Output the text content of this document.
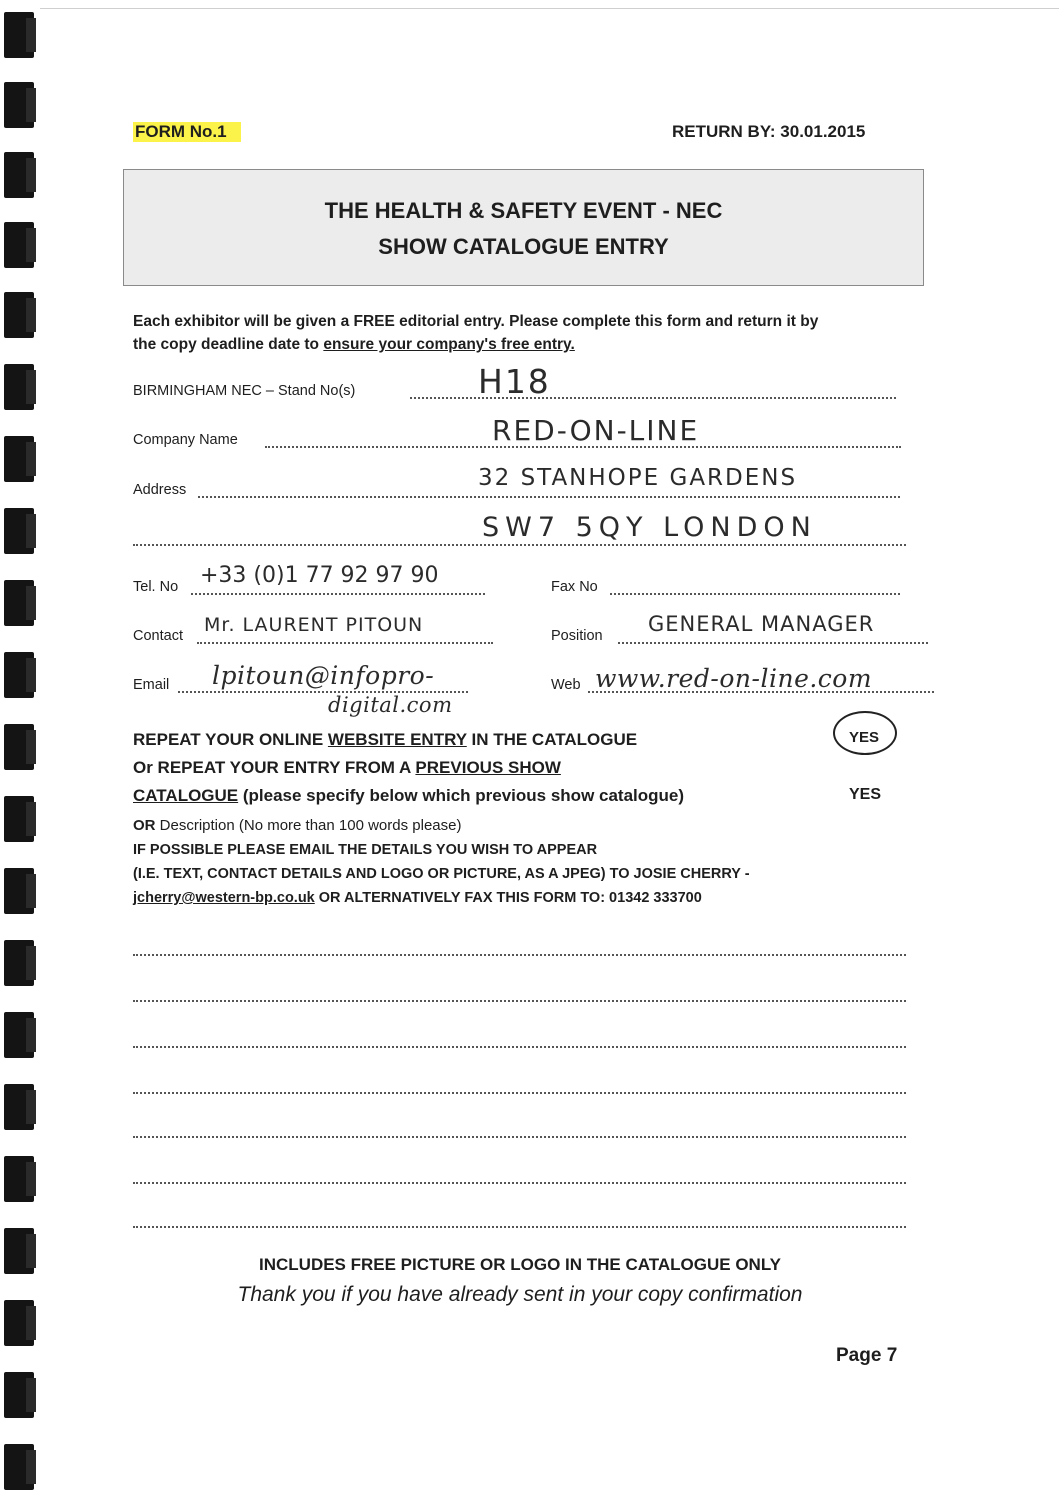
FORM No.1	RETURN BY: 30.01.2015
THE HEALTH & SAFETY EVENT - NEC
SHOW CATALOGUE ENTRY
Each exhibitor will be given a FREE editorial entry. Please complete this form and return it by
the copy deadline date to ensure your company's free entry.
BIRMINGHAM NEC – Stand No(s)	H18
Company Name	RED-ON-LINE
Address	32 STANHOPE GARDENS
SW7 5QY LONDON
Tel. No +33 (0)1 77 92 97 90	Fax No
Contact Mr. LAURENT PITOUN	Position GENERAL MANAGER
Email lpitoun@infopro-
digital.com
Web www.red-on-line.com
REPEAT YOUR ONLINE WEBSITE ENTRY IN THE CATALOGUE	YES
Or REPEAT YOUR ENTRY FROM A PREVIOUS SHOW
CATALOGUE (please specify below which previous show catalogue)	YES
OR Description (No more than 100 words please)
IF POSSIBLE PLEASE EMAIL THE DETAILS YOU WISH TO APPEAR
(I.E. TEXT, CONTACT DETAILS AND LOGO OR PICTURE, AS A JPEG) TO JOSIE CHERRY -
jcherry@western-bp.co.uk OR ALTERNATIVELY FAX THIS FORM TO: 01342 333700
INCLUDES FREE PICTURE OR LOGO IN THE CATALOGUE ONLY
Thank you if you have already sent in your copy confirmation
Page 7
